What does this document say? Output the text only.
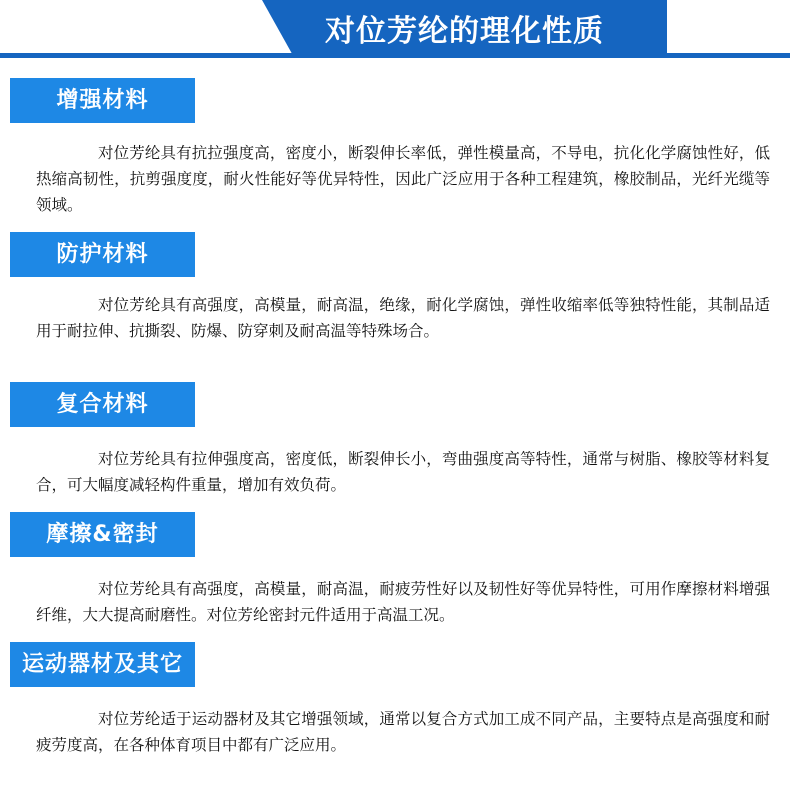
对位芳纶的理化性质
增强材料
对位芳纶具有抗拉强度高，密度小，断裂伸长率低，弹性模量高，不导电，抗化化学腐蚀性好，低热缩高韧性，抗剪强度度，耐火性能好等优异特性，因此广泛应用于各种工程建筑，橡胶制品，光纤光缆等领域。
防护材料
对位芳纶具有高强度，高模量，耐高温，绝缘，耐化学腐蚀，弹性收缩率低等独特性能，其制品适用于耐拉伸、抗撕裂、防爆、防穿刺及耐高温等特殊场合。
复合材料
对位芳纶具有拉伸强度高，密度低，断裂伸长小，弯曲强度高等特性，通常与树脂、橡胶等材料复合，可大幅度减轻构件重量，增加有效负荷。
摩擦&密封
对位芳纶具有高强度，高模量，耐高温，耐疲劳性好以及韧性好等优异特性，可用作摩擦材料增强纤维，大大提高耐磨性。对位芳纶密封元件适用于高温工况。
运动器材及其它
对位芳纶适于运动器材及其它增强领域，通常以复合方式加工成不同产品，主要特点是高强度和耐疲劳度高，在各种体育项目中都有广泛应用。
